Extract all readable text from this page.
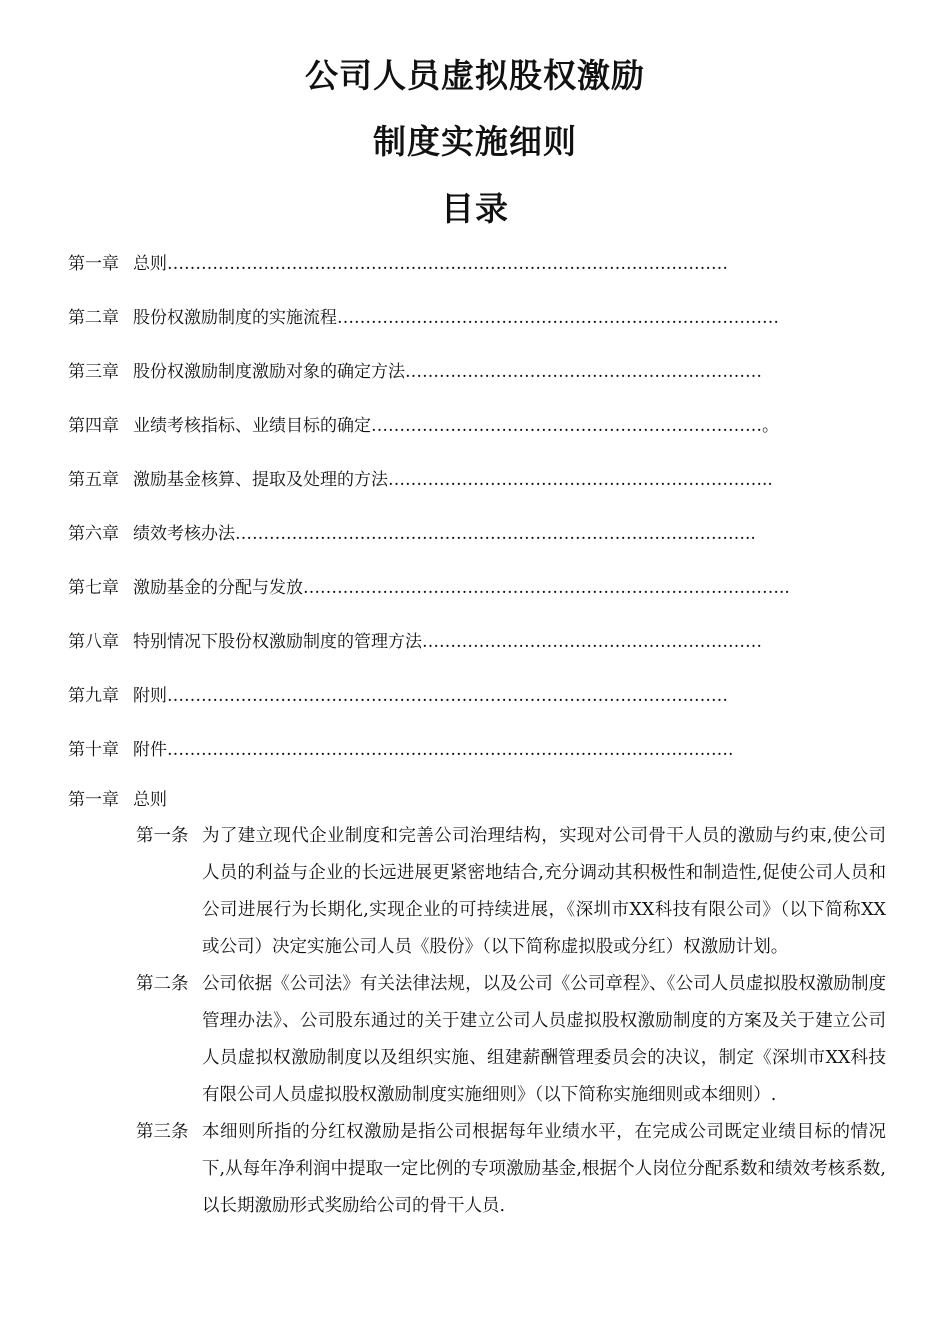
公司人员虚拟股权激励
制度实施细则
目录
第一章 总则………………………………………………………………………………………
第二章 股份权激励制度的实施流程……………………………………………………………………
第三章 股份权激励制度激励对象的确定方法………………………………………………………
第四章 业绩考核指标、业绩目标的确定……………………………………………………………。
第五章 激励基金核算、提取及处理的方法…………………………………………………………..
第六章 绩效考核办法………………………………………………………………………………..
第七章 激励基金的分配与发放…………………………………………………………………………..
第八章 特别情况下股份权激励制度的管理方法……………………………………………………
第九章 附则………………………………………………………………………………………
第十章 附件……………………………………………………………………………………….

第一章 总则

第一条 为了建立现代企业制度和完善公司治理结构，实现对公司骨干人员的激励与约束,使公司人员的利益与企业的长远进展更紧密地结合,充分调动其积极性和制造性,促使公司人员和公司进展行为长期化,实现企业的可持续进展，《深圳市XX科技有限公司》（以下简称XX或公司）决定实施公司人员《股份》（以下简称虚拟股或分红）权激励计划。
第二条 公司依据《公司法》有关法律法规，以及公司《公司章程》、《公司人员虚拟股权激励制度管理办法》、公司股东通过的关于建立公司人员虚拟股权激励制度的方案及关于建立公司人员虚拟权激励制度以及组织实施、组建薪酬管理委员会的决议，制定《深圳市XX科技有限公司人员虚拟股权激励制度实施细则》（以下简称实施细则或本细则）.
第三条 本细则所指的分红权激励是指公司根据每年业绩水平，在完成公司既定业绩目标的情况下,从每年净利润中提取一定比例的专项激励基金,根据个人岗位分配系数和绩效考核系数,以长期激励形式奖励给公司的骨干人员.
